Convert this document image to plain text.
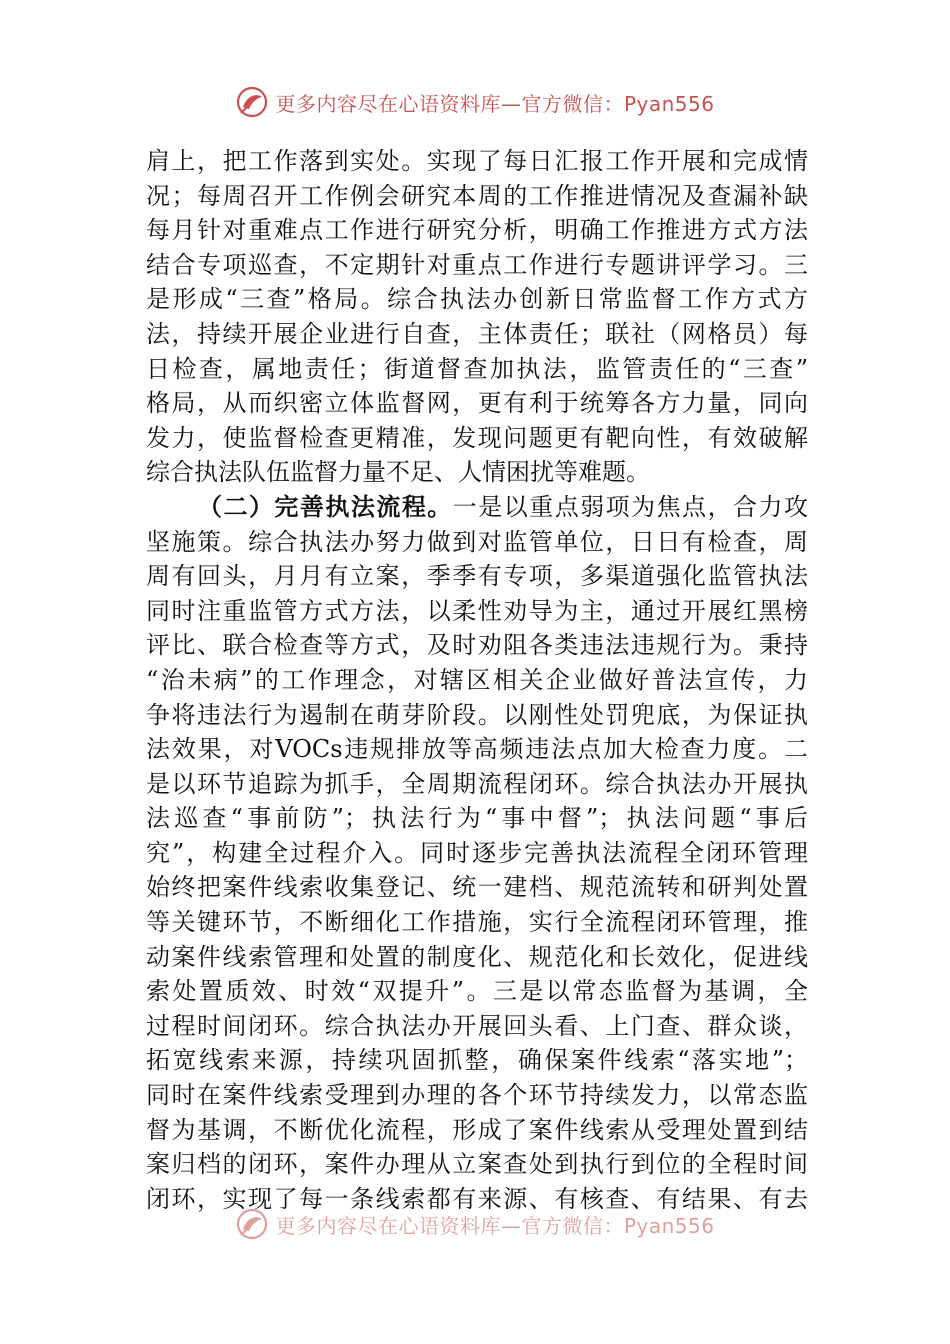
更多内容尽在心语资料库—官方微信：Pyan556
肩上，把工作落到实处。实现了每日汇报工作开展和完成情
况；每周召开工作例会研究本周的工作推进情况及查漏补缺
每月针对重难点工作进行研究分析，明确工作推进方式方法
结合专项巡查，不定期针对重点工作进行专题讲评学习。三
是形成“三查”格局。综合执法办创新日常监督工作方式方
法，持续开展企业进行自查，主体责任；联社（网格员）每
日检查，属地责任；街道督查加执法，监管责任的“三查”
格局，从而织密立体监督网，更有利于统筹各方力量，同向
发力，使监督检查更精准，发现问题更有靶向性，有效破解
综合执法队伍监督力量不足、人情困扰等难题。
（二）完善执法流程。一是以重点弱项为焦点，合力攻
坚施策。综合执法办努力做到对监管单位，日日有检查，周
周有回头，月月有立案，季季有专项，多渠道强化监管执法
同时注重监管方式方法，以柔性劝导为主，通过开展红黑榜
评比、联合检查等方式，及时劝阻各类违法违规行为。秉持
“治未病”的工作理念，对辖区相关企业做好普法宣传，力
争将违法行为遏制在萌芽阶段。以刚性处罚兜底，为保证执
法效果，对VOCs违规排放等高频违法点加大检查力度。二
是以环节追踪为抓手，全周期流程闭环。综合执法办开展执
法巡查“事前防”；执法行为“事中督”；执法问题“事后
究”，构建全过程介入。同时逐步完善执法流程全闭环管理
始终把案件线索收集登记、统一建档、规范流转和研判处置
等关键环节，不断细化工作措施，实行全流程闭环管理，推
动案件线索管理和处置的制度化、规范化和长效化，促进线
索处置质效、时效“双提升”。三是以常态监督为基调，全
过程时间闭环。综合执法办开展回头看、上门查、群众谈，
拓宽线索来源，持续巩固抓整，确保案件线索“落实地”；
同时在案件线索受理到办理的各个环节持续发力，以常态监
督为基调，不断优化流程，形成了案件线索从受理处置到结
案归档的闭环，案件办理从立案查处到执行到位的全程时间
闭环，实现了每一条线索都有来源、有核查、有结果、有去
更多内容尽在心语资料库—官方微信：Pyan556
